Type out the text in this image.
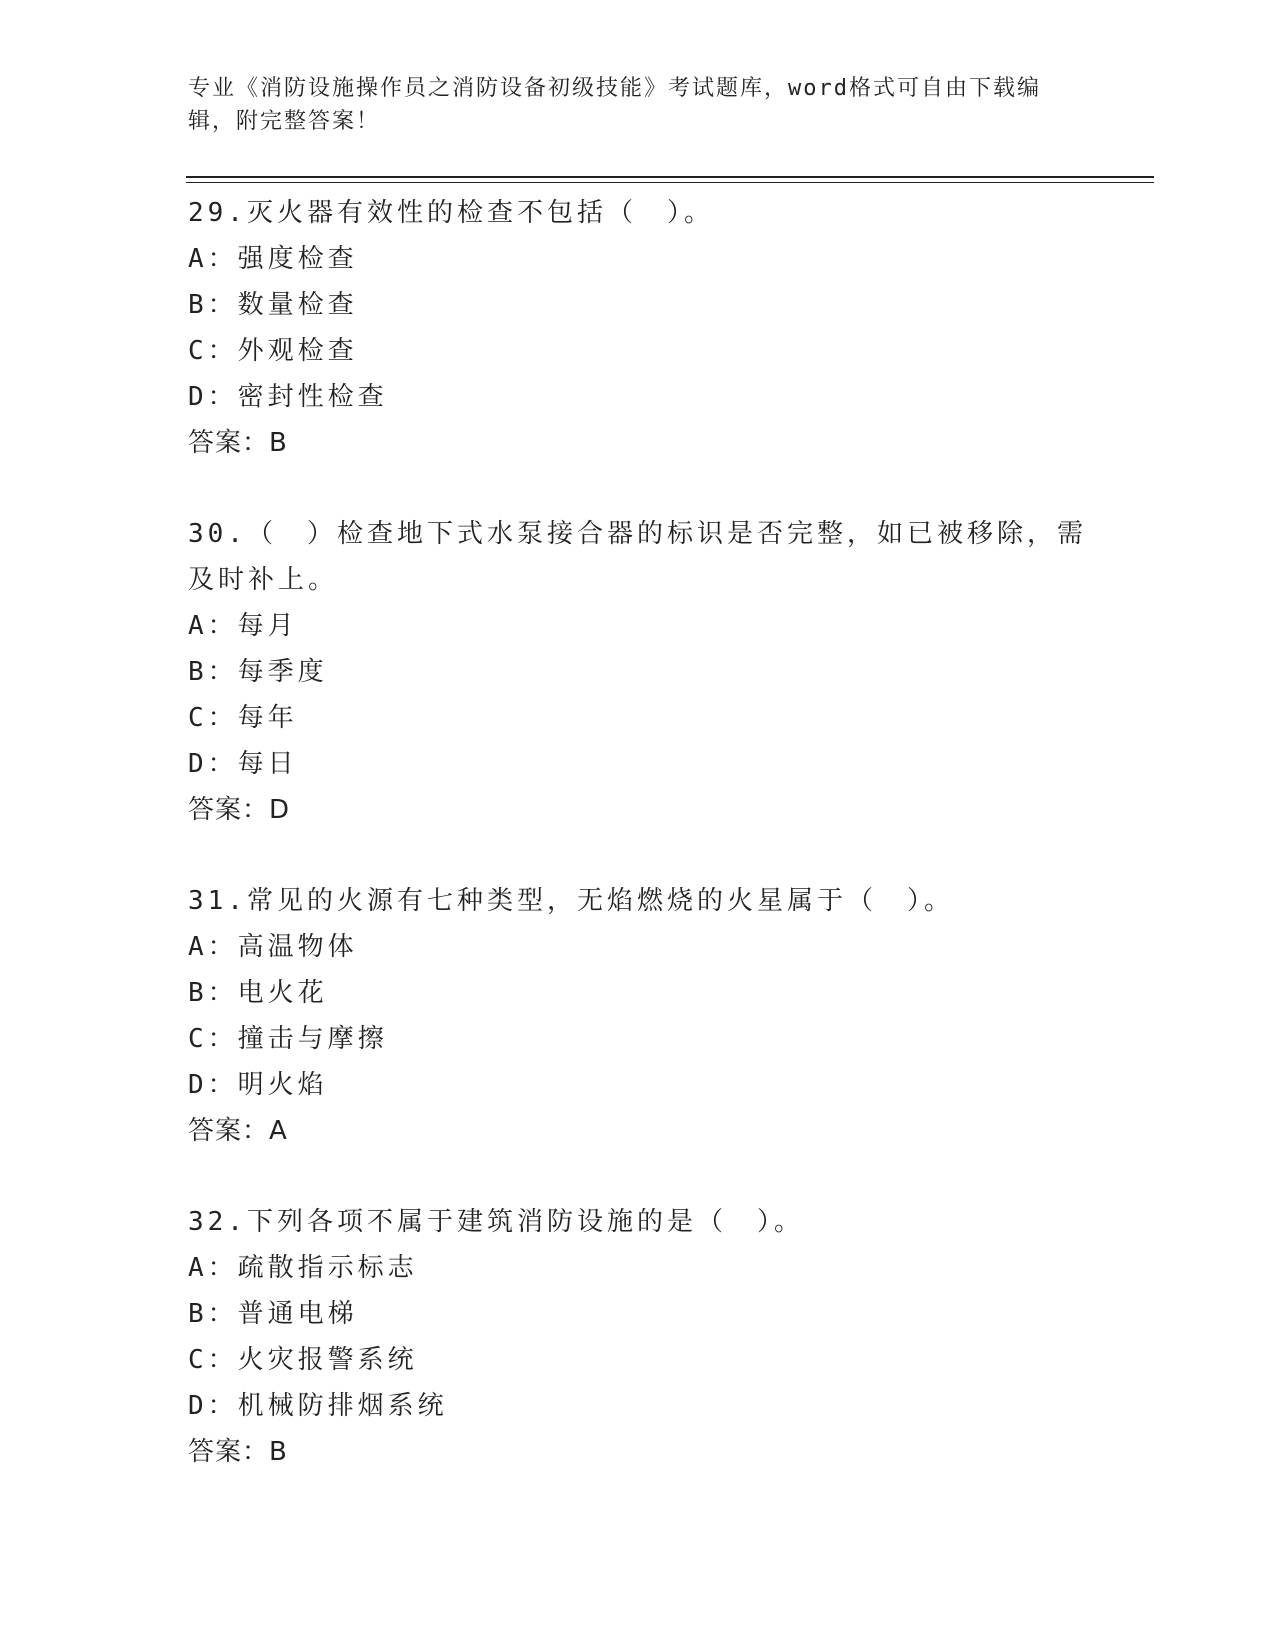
专业《消防设施操作员之消防设备初级技能》考试题库，word格式可自由下载编
辑，附完整答案！
29.灭火器有效性的检查不包括（　）。
A：强度检查
B：数量检查
C：外观检查
D：密封性检查
答案：B
30.（　）检查地下式水泵接合器的标识是否完整，如已被移除，需及时补上。
A：每月
B：每季度
C：每年
D：每日
答案：D
31.常见的火源有七种类型，无焰燃烧的火星属于（　）。
A：高温物体
B：电火花
C：撞击与摩擦
D：明火焰
答案：A
32.下列各项不属于建筑消防设施的是（　）。
A：疏散指示标志
B：普通电梯
C：火灾报警系统
D：机械防排烟系统
答案：B
